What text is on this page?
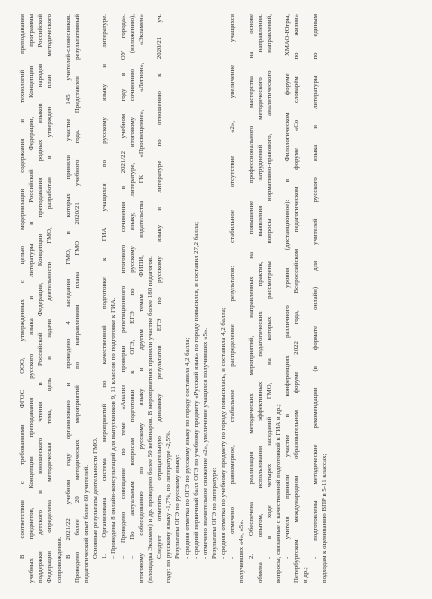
В соответствии с требованиями ФГОС ООО, утвержденных с целью модернизации содержания и технологий преподавания учебных предметов, Концепции преподавания русского языка и литературы в Российской Федерации, Концепции программы поддержки детского и юношеского чтения в Российской Федерации, Концепции преподавания родных языков народов Российской Федерации определена методическая тема, цель и задачи деятельности ГМО, разработан и утвержден план методического сопровождения.
В 2021/22 учебном году организовано и проведено 4 заседания ГМО, в которых приняли участие 145 учителей-словесников. Проведено более 20 методических мероприятий по направлениям плана ГМО 2020/21 учебного года. Представлен результативный педагогический опыт более 60 учителей. Основные результаты деятельности ГМО. 1. Организована система мероприятий по качественной подготовке к ГИА учащихся по русскому языку и литературе. – Проведены 8 онлайн-консультаций для выпускников 9, 11 классов по подготовке к ГИА. – Проведено совещание по теме «Анализ проверки репетиционного итогового сочинения в 2021/22 учебном году в ОУ города». – По актуальным вопросам подготовки к ОГЭ, ЕГЭ по русскому языку, литературе, итоговому сочинению (изложению), итоговому собеседованию по русскому языку и другим темам ФИПИ, издательства ГК «Просвещение», «Легион», «Экзамен» (площадка Экзамен) и др. проведено более 50 вебинаров. В мероприятиях приняли участие более 180 педагогов. Следует отметить отрицательную динамику результатов ЕГЭ по русскому языку и литературе по отношению к 2020/21 уч. году: по русскому языку -1,7%, по литературе -2,5%. Результаты ОГЭ по русскому языку: - средняя отметка по ОГЭ по русскому языку по городу составила 4,2 балла; - средний первичный балл ОГЭ по учебному предмету «Русский язык» по городу повысился, и составил 27,2 балла; - отмечено значительное снижение «2», увеличение учащихся получивших «5». Результаты ОГЭ по литературе: - средняя отметка по учебному предмету по городу повысилась, и составила 4,2 балла; - отмечено равномерное, стабильное распределение результатов: стабильное отсутствие «2», увеличение учащихся получивших «4», «5». 2. Обеспечена реализация методических мероприятий, направленных на повышение профессионального мастерства на основе обмена опытом, использования эффективных педагогических практик, выявления затруднений методического направления. - в ходе четырех заседаний ГМО, на которых рассмотрены вопросы нормативно-правового, аналитического направлений, вопросы, связанные с качественной подготовкой к ГИА и др.; - учителя приняли участие в конференциях различного уровня (дистанционное): в Филологическом форуме ХМАО-Югры, Петербургском международном образовательном форуме 2022 года, Всероссийском педагогическом форуме «Со словарём по жизни» и др.;
- подготовлены методические рекомендации (в формате онлайн) для учителей русского языка и литературы по единым подходам к оцениванию ВПР в 5-11 классах;
